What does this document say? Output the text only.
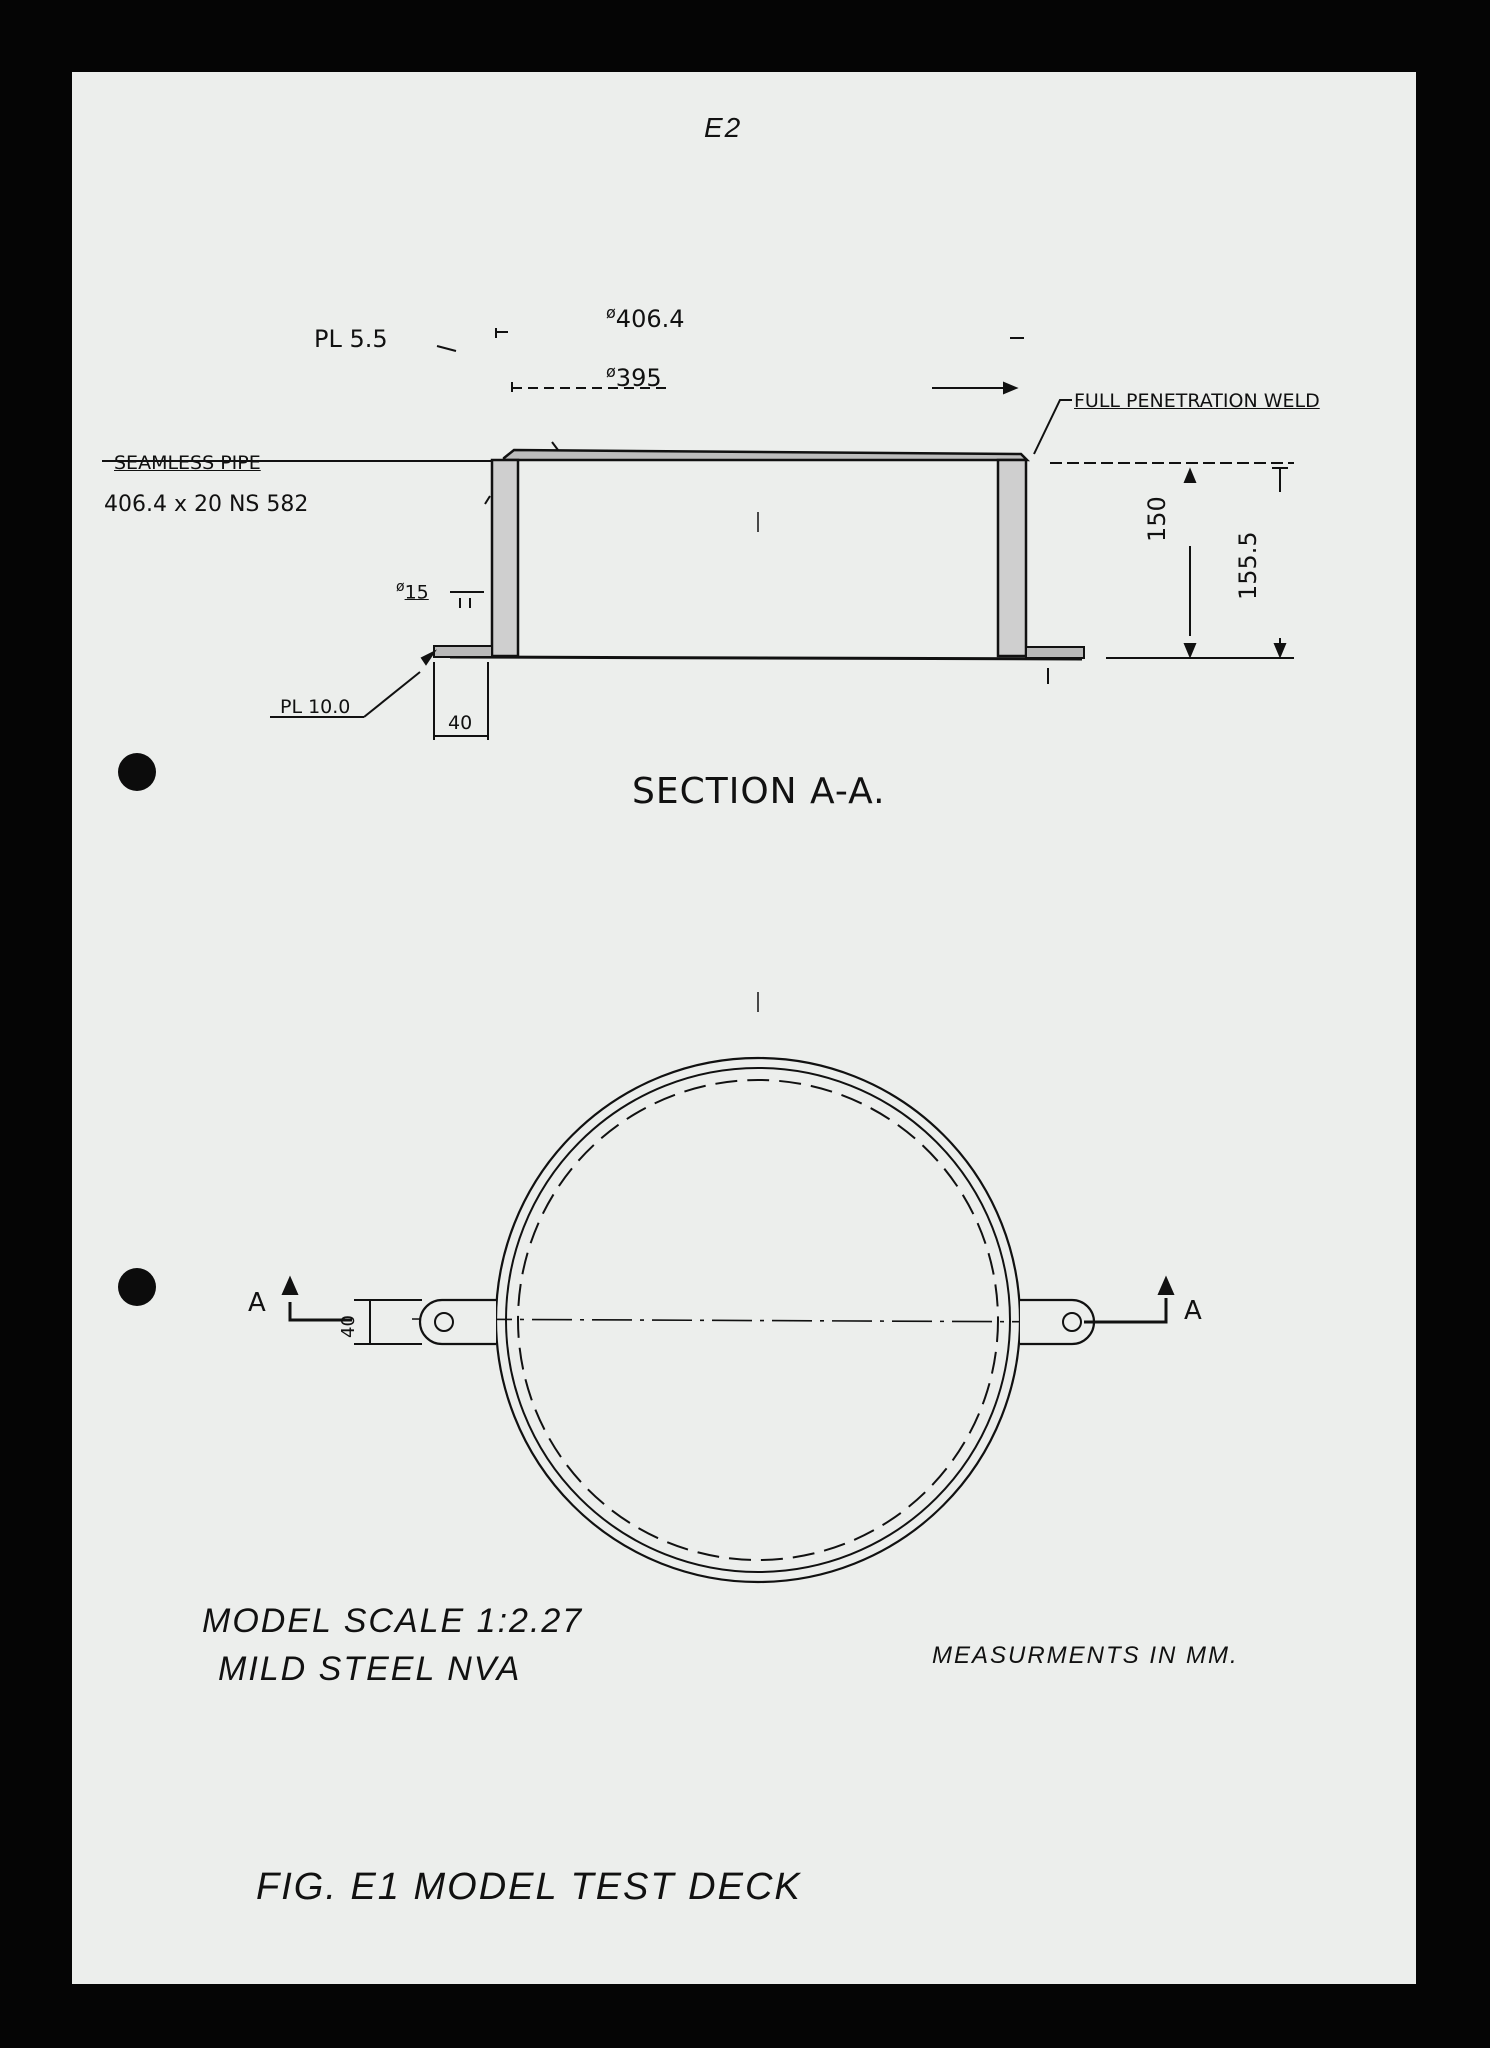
E2
PL 5.5
$^ø$406.4
$^ø$395
FULL PENETRATION WELD
SEAMLESS PIPE
406.4 x 20 NS 582
$^ø$15
PL 10.0
40
150
155.5
SECTION A-A.
A	A
40
MODEL SCALE 1:2.27
MILD STEEL NVA	MEASURMENTS IN MM.
FIG. E1 MODEL TEST DECK
